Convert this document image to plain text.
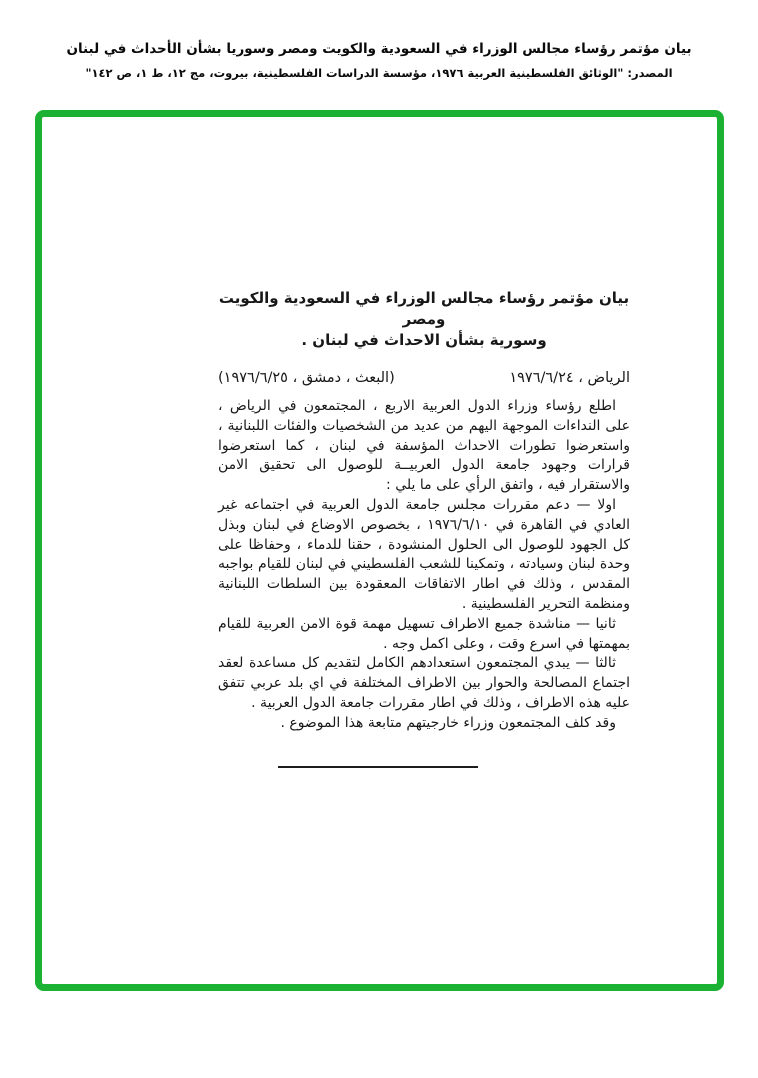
بيان مؤتمر رؤساء مجالس الوزراء في السعودية والكويت ومصر وسوريا بشأن الأحداث في لبنان
المصدر: "الوثائق الفلسطينية العربية ١٩٧٦، مؤسسة الدراسات الفلسطينية، بيروت، مج ١٢، ط ١، ص ١٤٢"
بيان مؤتمر رؤساء مجالس الوزراء في السعودية والكويت ومصر
وسورية بشأن الاحداث في لبنان .
الرياض ، ١٩٧٦/٦/٢٤
(البعث ، دمشق ، ١٩٧٦/٦/٢٥)

اطلع رؤساء وزراء الدول العربية الاربع ، المجتمعون في الرياض ، على النداءات الموجهة اليهم من عديد من الشخصيات والفئات اللبنانية ، واستعرضوا تطورات الاحداث المؤسفة في لبنان ، كما استعرضوا قرارات وجهود جامعة الدول العربيــة للوصول الى تحقيق الامن والاستقرار فيه ، واتفق الرأي على ما يلي :

اولا — دعم مقررات مجلس جامعة الدول العربية في اجتماعه غير العادي في القاهرة في ١٩٧٦/٦/١٠ ، بخصوص الاوضاع في لبنان وبذل كل الجهود للوصول الى الحلول المنشودة ، حقنا للدماء ، وحفاظا على وحدة لبنان وسيادته ، وتمكينا للشعب الفلسطيني في لبنان للقيام بواجبه المقدس ، وذلك في اطار الاتفاقات المعقودة بين السلطات اللبنانية ومنظمة التحرير الفلسطينية .

ثانيا — مناشدة جميع الاطراف تسهيل مهمة قوة الامن العربية للقيام بمهمتها في اسرع وقت ، وعلى اكمل وجه .

ثالثا — يبدي المجتمعون استعدادهم الكامل لتقديم كل مساعدة لعقد اجتماع المصالحة والحوار بين الاطراف المختلفة في اي بلد عربي تتفق عليه هذه الاطراف ، وذلك في اطار مقررات جامعة الدول العربية .

وقد كلف المجتمعون وزراء خارجيتهم متابعة هذا الموضوع .
